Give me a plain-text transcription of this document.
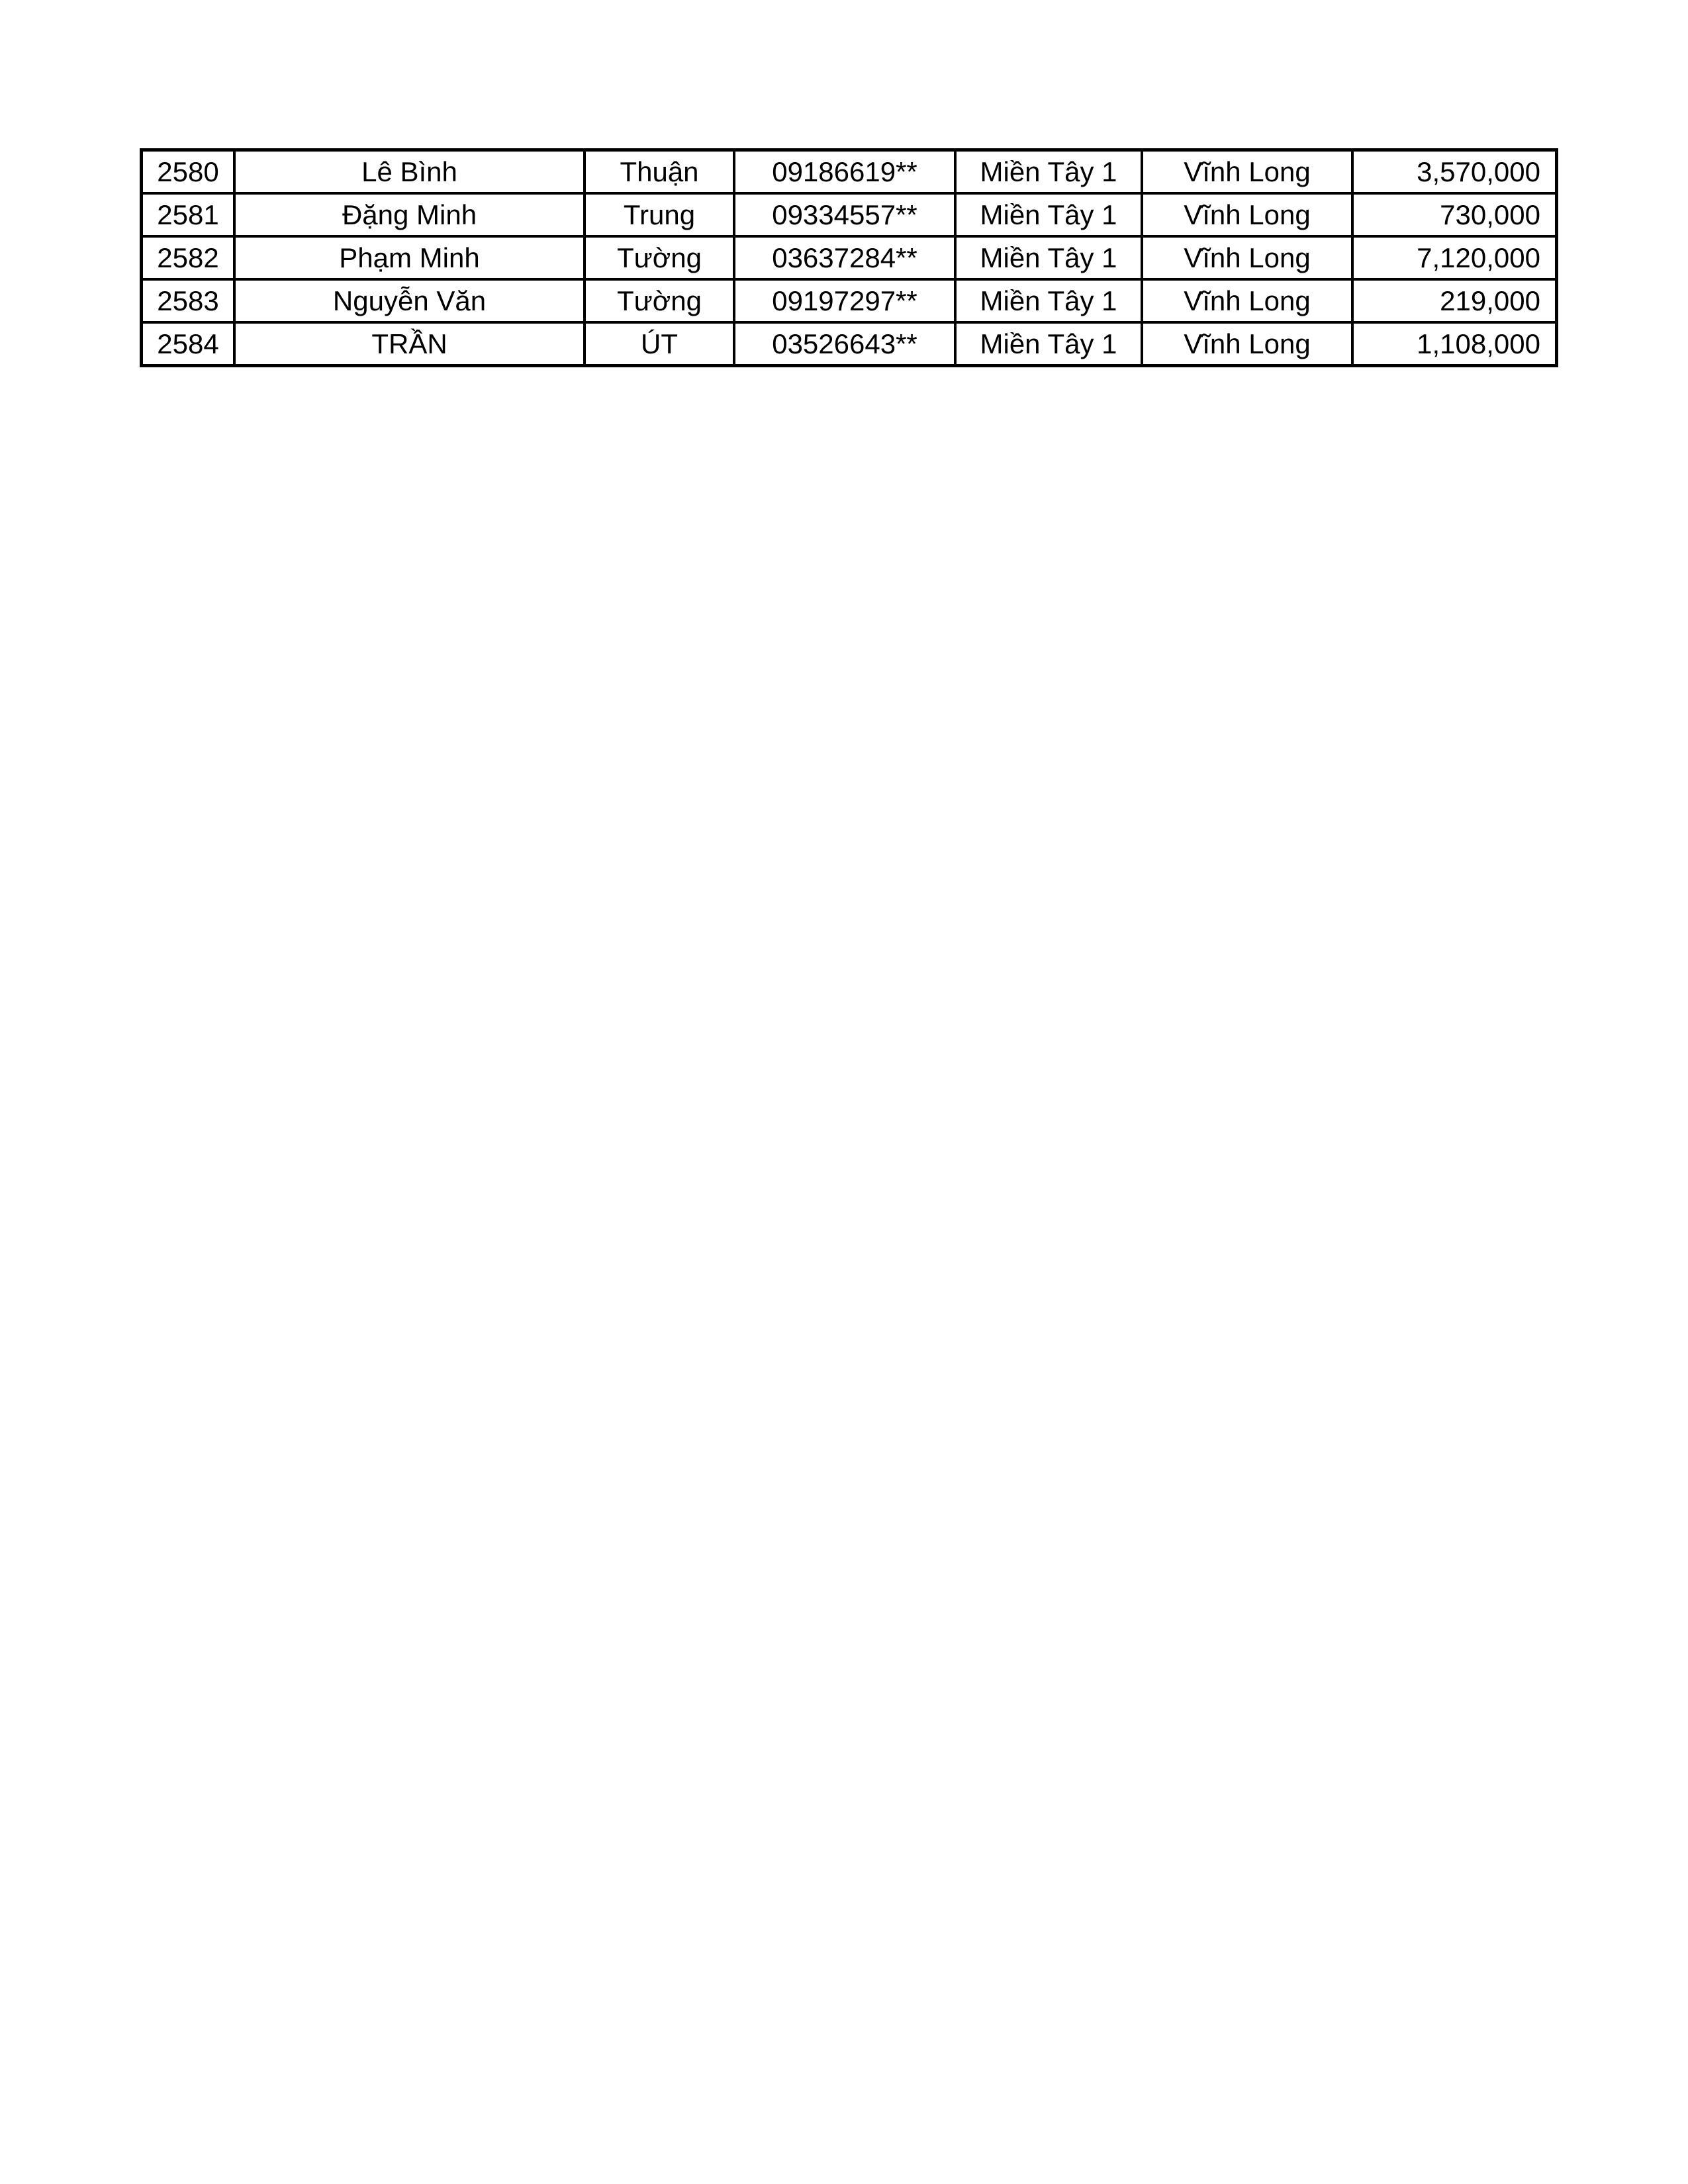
2580	Lê Bình	Thuận	09186619**	Miền Tây 1	Vĩnh Long	3,570,000
2581	Đặng Minh	Trung	09334557**	Miền Tây 1	Vĩnh Long	730,000
2582	Phạm Minh	Tường	03637284**	Miền Tây 1	Vĩnh Long	7,120,000
2583	Nguyễn Văn	Tường	09197297**	Miền Tây 1	Vĩnh Long	219,000
2584	TRẦN	ÚT	03526643**	Miền Tây 1	Vĩnh Long	1,108,000
